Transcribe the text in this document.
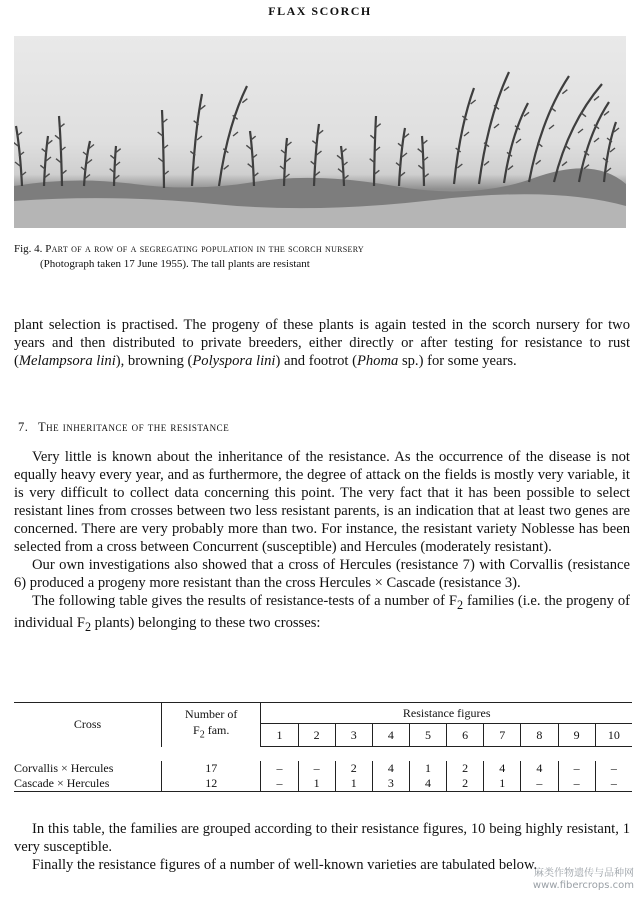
FLAX SCORCH
Fig. 4. Part of a row of a segregating population in the scorch nursery
(Photograph taken 17 June 1955). The tall plants are resistant

plant selection is practised. The progeny of these plants is again tested in the scorch nursery for two years and then distributed to private breeders, either directly or after testing for resistance to rust (Melampsora lini), browning (Polyspora lini) and footrot (Phoma sp.) for some years.

7. The inheritance of the resistance

Very little is known about the inheritance of the resistance. As the occurrence of the disease is not equally heavy every year, and as furthermore, the degree of attack on the fields is mostly very variable, it is very difficult to collect data concerning this point. The very fact that it has been possible to select resistant lines from crosses between two less resistant parents, is an indication that at least two genes are concerned. There are very probably more than two. For instance, the resistant variety Noblesse has been selected from a cross between Concurrent (susceptible) and Hercules (moderately resistant).

Our own investigations also showed that a cross of Hercules (resistance 7) with Corvallis (resistance 6) produced a progeny more resistant than the cross Hercules × Cascade (resistance 3).

The following table gives the results of resistance-tests of a number of $F_2$ families (i.e. the progeny of individual $F_2$ plants) belonging to these two crosses:

Cross	Number of
$F_2$ fam.	Resistance figures									
		1	2	3	4	5	6	7	8	9	10

Corvallis × Hercules	17	–	–	2	4	1	2	4	4	–	–
Cascade × Hercules	12	–	1	1	3	4	2	1	–	–	–

In this table, the families are grouped according to their resistance figures, 10 being highly resistant, 1 very susceptible.

Finally the resistance figures of a number of well-known varieties are tabulated below.

麻类作物遗传与品种网
www.fibercrops.com
